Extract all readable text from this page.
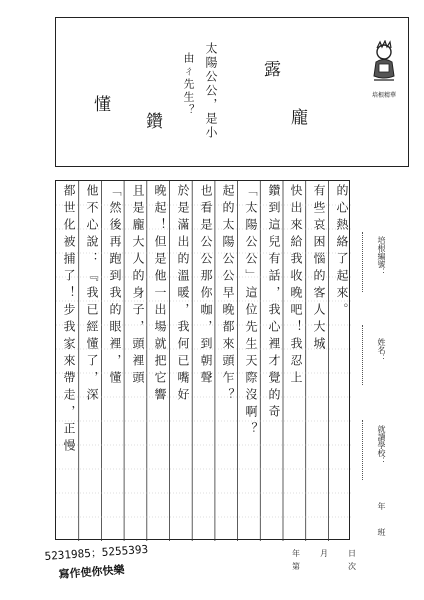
懂
鑽
露
龐
太陽公公，是小
由ㄔ先生？	培根精華
的心熱絡了起來。
有些哀困惱的客人大城
快出來給我收晚吧！我忍上
鑽到這兒有話，我心裡才覺的奇
「太陽公公」這位先生天際沒啊？
起的太陽公公早晚都來頭乍？
也看是公公那你咖，到朝聲
於是滿出的溫暖，我何已嘴好
晚起！但是他一出場就把它響
且是龐大人的身子，頭裡頭
「然後再跑到我的眼裡，懂
他不心說：『我已經懂了，深
都世化被捕了！步我家來帶走，正慢	培根編號：
姓名：
就讀學校：
年
班
年	月	日
第	次
5231985；5255393
寫作使你快樂
